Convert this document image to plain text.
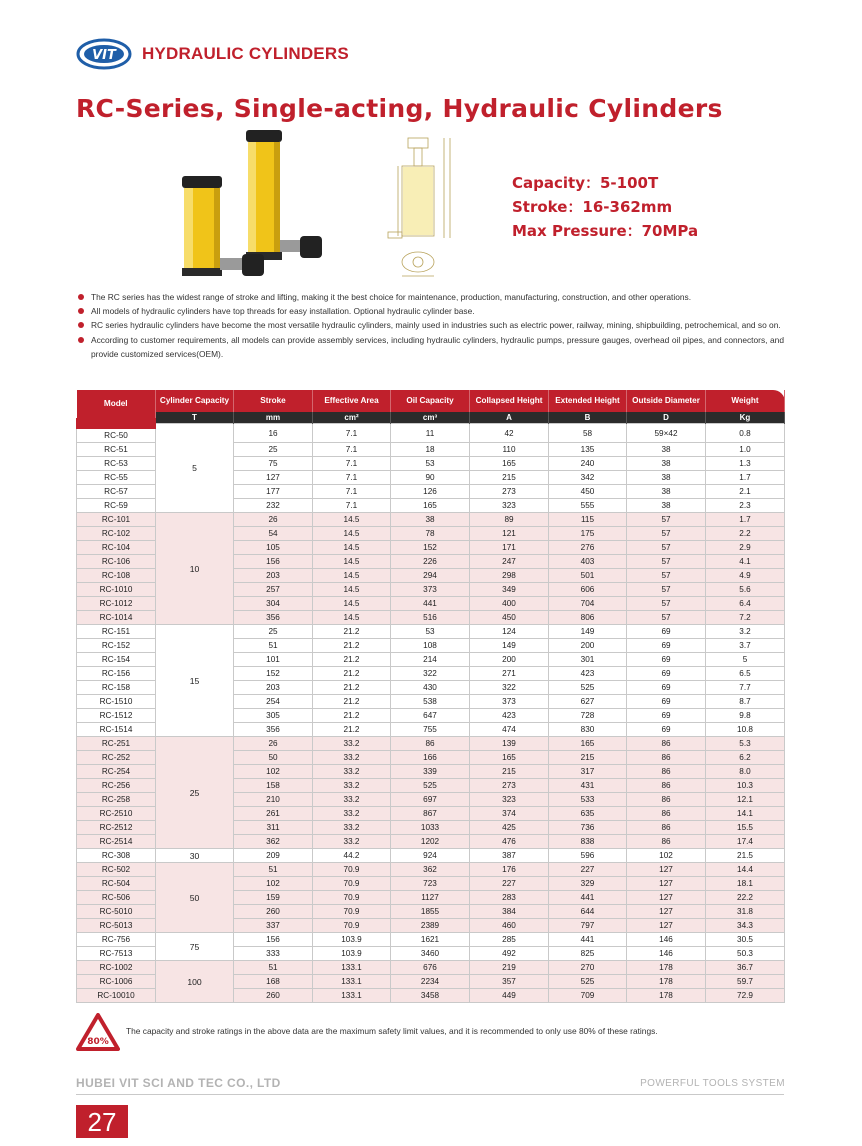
VIT HYDRAULIC CYLINDERS
RC-Series, Single-acting, Hydraulic Cylinders
Capacity：5-100T
Stroke：16-362mm
Max Pressure：70MPa
The RC series has the widest range of stroke and lifting, making it the best choice for maintenance, production, manufacturing, construction, and other operations.
All models of hydraulic cylinders have top threads for easy installation. Optional hydraulic cylinder base.
RC series hydraulic cylinders have become the most versatile hydraulic cylinders, mainly used in industries such as electric power, railway, mining, shipbuilding, petrochemical, and so on.
According to customer requirements, all models can provide assembly services, including hydraulic cylinders, hydraulic pumps, pressure gauges, overhead oil pipes, and connectors, and provide customized services(OEM).
Model	Cylinder Capacity	Stroke	Effective Area	Oil Capacity	Collapsed Height	Extended Height	Outside Diameter	Weight
	T	mm	cm²	cm³	A	B	D	Kg
RC-50	5	16	7.1	11	42	58	59×42	0.8
RC-51		25	7.1	18	110	135	38	1.0
RC-53		75	7.1	53	165	240	38	1.3
RC-55		127	7.1	90	215	342	38	1.7
RC-57		177	7.1	126	273	450	38	2.1
RC-59		232	7.1	165	323	555	38	2.3
RC-101	10	26	14.5	38	89	115	57	1.7
RC-102		54	14.5	78	121	175	57	2.2
RC-104		105	14.5	152	171	276	57	2.9
RC-106		156	14.5	226	247	403	57	4.1
RC-108		203	14.5	294	298	501	57	4.9
RC-1010		257	14.5	373	349	606	57	5.6
RC-1012		304	14.5	441	400	704	57	6.4
RC-1014		356	14.5	516	450	806	57	7.2
RC-151	15	25	21.2	53	124	149	69	3.2
RC-152		51	21.2	108	149	200	69	3.7
RC-154		101	21.2	214	200	301	69	5
RC-156		152	21.2	322	271	423	69	6.5
RC-158		203	21.2	430	322	525	69	7.7
RC-1510		254	21.2	538	373	627	69	8.7
RC-1512		305	21.2	647	423	728	69	9.8
RC-1514		356	21.2	755	474	830	69	10.8
RC-251	25	26	33.2	86	139	165	86	5.3
RC-252		50	33.2	166	165	215	86	6.2
RC-254		102	33.2	339	215	317	86	8.0
RC-256		158	33.2	525	273	431	86	10.3
RC-258		210	33.2	697	323	533	86	12.1
RC-2510		261	33.2	867	374	635	86	14.1
RC-2512		311	33.2	1033	425	736	86	15.5
RC-2514		362	33.2	1202	476	838	86	17.4
RC-308	30	209	44.2	924	387	596	102	21.5
RC-502	50	51	70.9	362	176	227	127	14.4
RC-504		102	70.9	723	227	329	127	18.1
RC-506		159	70.9	1127	283	441	127	22.2
RC-5010		260	70.9	1855	384	644	127	31.8
RC-5013		337	70.9	2389	460	797	127	34.3
RC-756	75	156	103.9	1621	285	441	146	30.5
RC-7513		333	103.9	3460	492	825	146	50.3
RC-1002	100	51	133.1	676	219	270	178	36.7
RC-1006		168	133.1	2234	357	525	178	59.7
RC-10010		260	133.1	3458	449	709	178	72.9
80%
The capacity and stroke ratings in the above data are the maximum safety limit values, and it is recommended to only use 80% of these ratings.
HUBEI VIT SCI AND TEC CO., LTD	POWERFUL TOOLS SYSTEM
27
